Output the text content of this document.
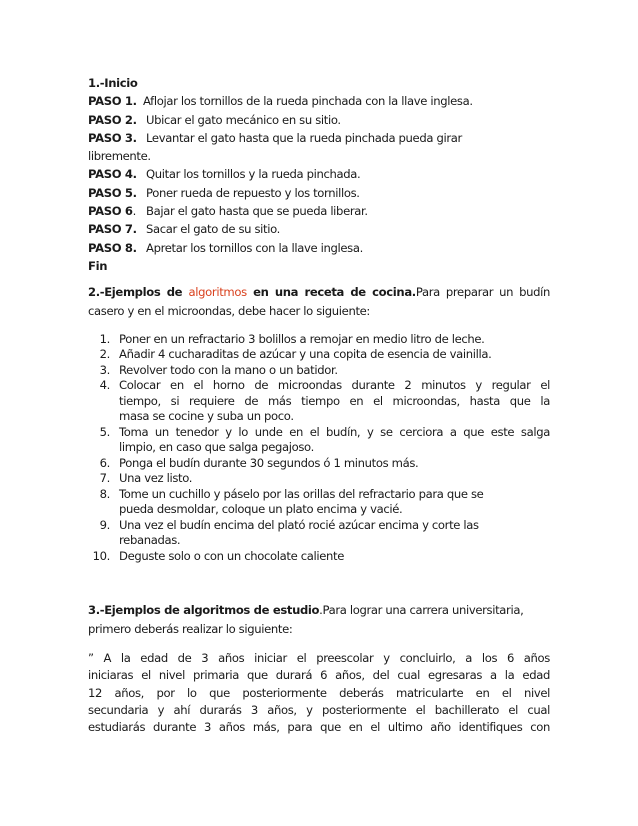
1.-Inicio
PASO 1. Aflojar los tornillos de la rueda pinchada con la llave inglesa.
PASO 2. Ubicar el gato mecánico en su sitio.
PASO 3. Levantar el gato hasta que la rueda pinchada pueda girar
libremente.
PASO 4. Quitar los tornillos y la rueda pinchada.
PASO 5. Poner rueda de repuesto y los tornillos.
PASO 6. Bajar el gato hasta que se pueda liberar.
PASO 7. Sacar el gato de su sitio.
PASO 8. Apretar los tornillos con la llave inglesa.
Fin
2.-Ejemplos de algoritmos en una receta de cocina.Para preparar un budín
casero y en el microondas, debe hacer lo siguiente:
1. Poner en un refractario 3 bolillos a remojar en medio litro de leche.
2. Añadir 4 cucharaditas de azúcar y una copita de esencia de vainilla.
3. Revolver todo con la mano o un batidor.
4. Colocar en el horno de microondas durante 2 minutos y regular el
tiempo, si requiere de más tiempo en el microondas, hasta que la
masa se cocine y suba un poco.
5. Toma un tenedor y lo unde en el budín, y se cerciora a que este salga
limpio, en caso que salga pegajoso.
6. Ponga el budín durante 30 segundos ó 1 minutos más.
7. Una vez listo.
8. Tome un cuchillo y páselo por las orillas del refractario para que se
pueda desmoldar, coloque un plato encima y vacié.
9. Una vez el budín encima del plató rocié azúcar encima y corte las
rebanadas.
10. Deguste solo o con un chocolate caliente
3.-Ejemplos de algoritmos de estudio.Para lograr una carrera universitaria,
primero deberás realizar lo siguiente:
” A la edad de 3 años iniciar el preescolar y concluirlo, a los 6 años
iniciaras el nivel primaria que durará 6 años, del cual egresaras a la edad
12 años, por lo que posteriormente deberás matricularte en el nivel
secundaria y ahí durarás 3 años, y posteriormente el bachillerato el cual
estudiarás durante 3 años más, para que en el ultimo año identifiques con
